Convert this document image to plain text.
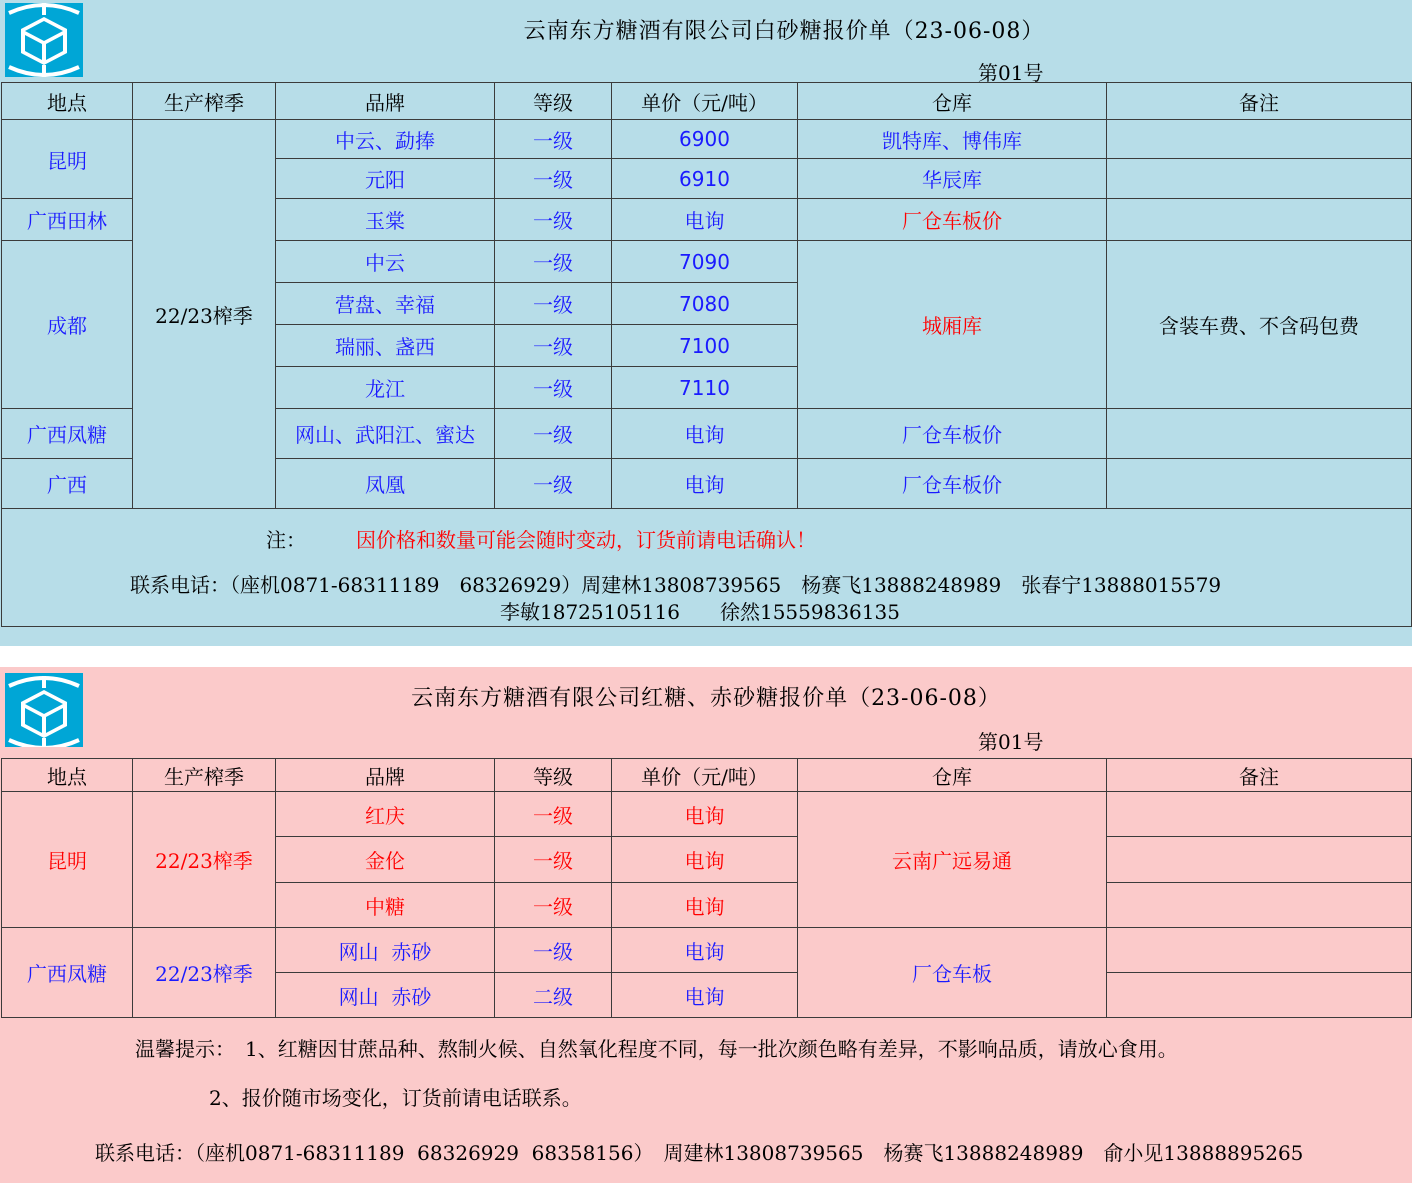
云南东方糖酒有限公司白砂糖报价单（23-06-08）
第01号
地点	生产榨季	品牌	等级	单价（元/吨）	仓库	备注
昆明	22/23榨季	中云、勐捧	一级	6900	凯特库、博伟库	
		元阳	一级	6910	华辰库	
广西田林		玉棠	一级	电询	厂仓车板价	
成都		中云	一级	7090	城厢库	含装车费、不含码包费
		营盘、幸福	一级	7080		
		瑞丽、盏西	一级	7100		
		龙江	一级	7110		
广西凤糖		网山、武阳江、蜜达	一级	电询	厂仓车板价	
广西		凤凰	一级	电询	厂仓车板价	

注：	因价格和数量可能会随时变动，订货前请电话确认！
联系电话：（座机0871-68311189　68326929）周建林13808739565　杨赛飞13888248989　张春宁13888015579
李敏18725105116　　徐然15559836135
云南东方糖酒有限公司红糖、赤砂糖报价单（23-06-08）
第01号
地点	生产榨季	品牌	等级	单价（元/吨）	仓库	备注
昆明	22/23榨季	红庆	一级	电询	云南广远易通	
		金伦	一级	电询		
		中糖	一级	电询		
广西凤糖	22/23榨季	网山  赤砂	一级	电询	厂仓车板	
		网山  赤砂	二级	电询		
温馨提示：　1、红糖因甘蔗品种、熬制火候、自然氧化程度不同，每一批次颜色略有差异，不影响品质，请放心食用。
2、报价随市场变化，订货前请电话联系。
联系电话：（座机0871-68311189  68326929  68358156）　周建林13808739565　杨赛飞13888248989　俞小见13888895265
